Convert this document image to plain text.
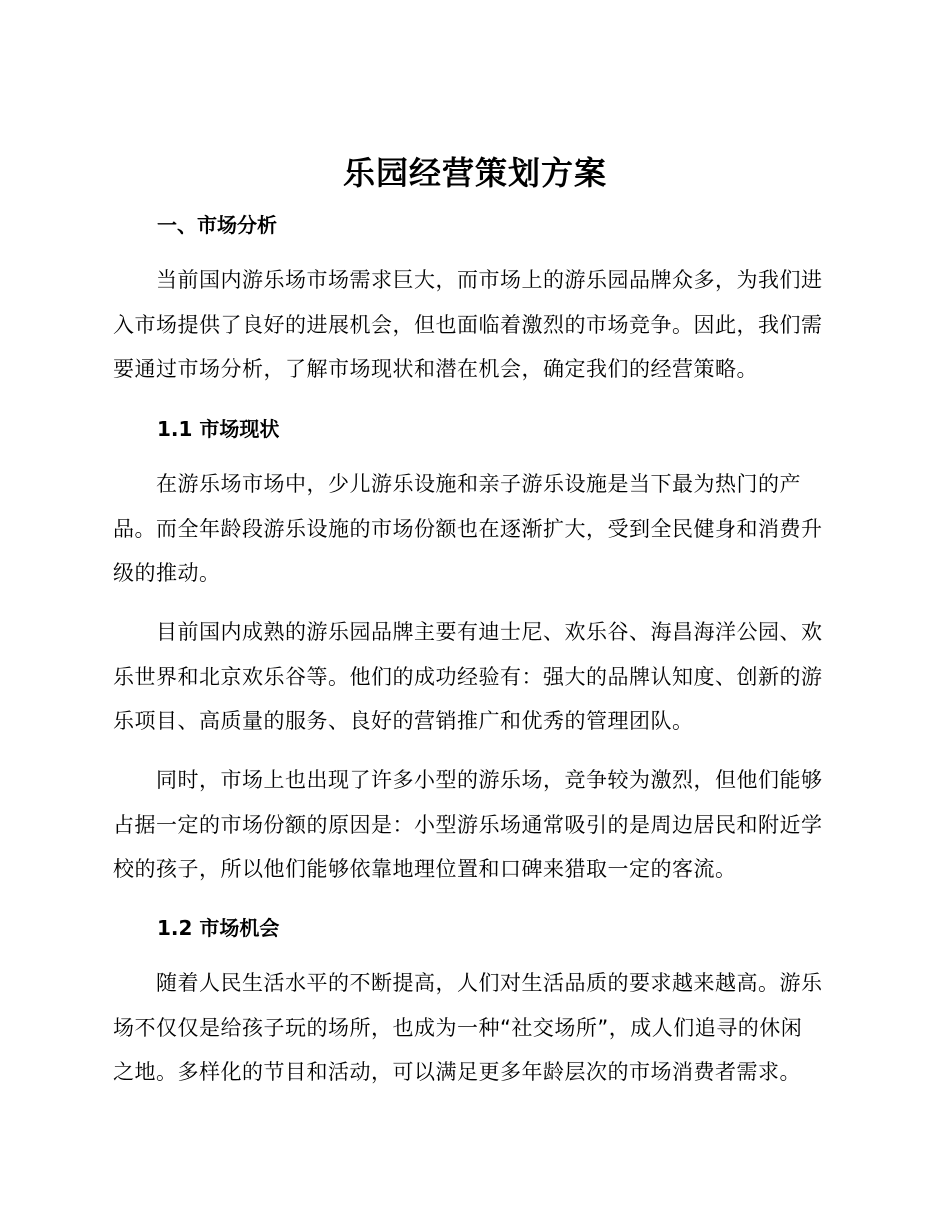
乐园经营策划方案
一、市场分析

当前国内游乐场市场需求巨大，而市场上的游乐园品牌众多，为我们进
入市场提供了良好的进展机会，但也面临着激烈的市场竞争。因此，我们需
要通过市场分析，了解市场现状和潜在机会，确定我们的经营策略。

1.1 市场现状

在游乐场市场中，少儿游乐设施和亲子游乐设施是当下最为热门的产
品。而全年龄段游乐设施的市场份额也在逐渐扩大，受到全民健身和消费升
级的推动。

目前国内成熟的游乐园品牌主要有迪士尼、欢乐谷、海昌海洋公园、欢
乐世界和北京欢乐谷等。他们的成功经验有：强大的品牌认知度、创新的游
乐项目、高质量的服务、良好的营销推广和优秀的管理团队。

同时，市场上也出现了许多小型的游乐场，竞争较为激烈，但他们能够
占据一定的市场份额的原因是：小型游乐场通常吸引的是周边居民和附近学
校的孩子，所以他们能够依靠地理位置和口碑来猎取一定的客流。

1.2 市场机会

随着人民生活水平的不断提高，人们对生活品质的要求越来越高。游乐
场不仅仅是给孩子玩的场所，也成为一种“社交场所”，成人们追寻的休闲
之地。多样化的节目和活动，可以满足更多年龄层次的市场消费者需求。
